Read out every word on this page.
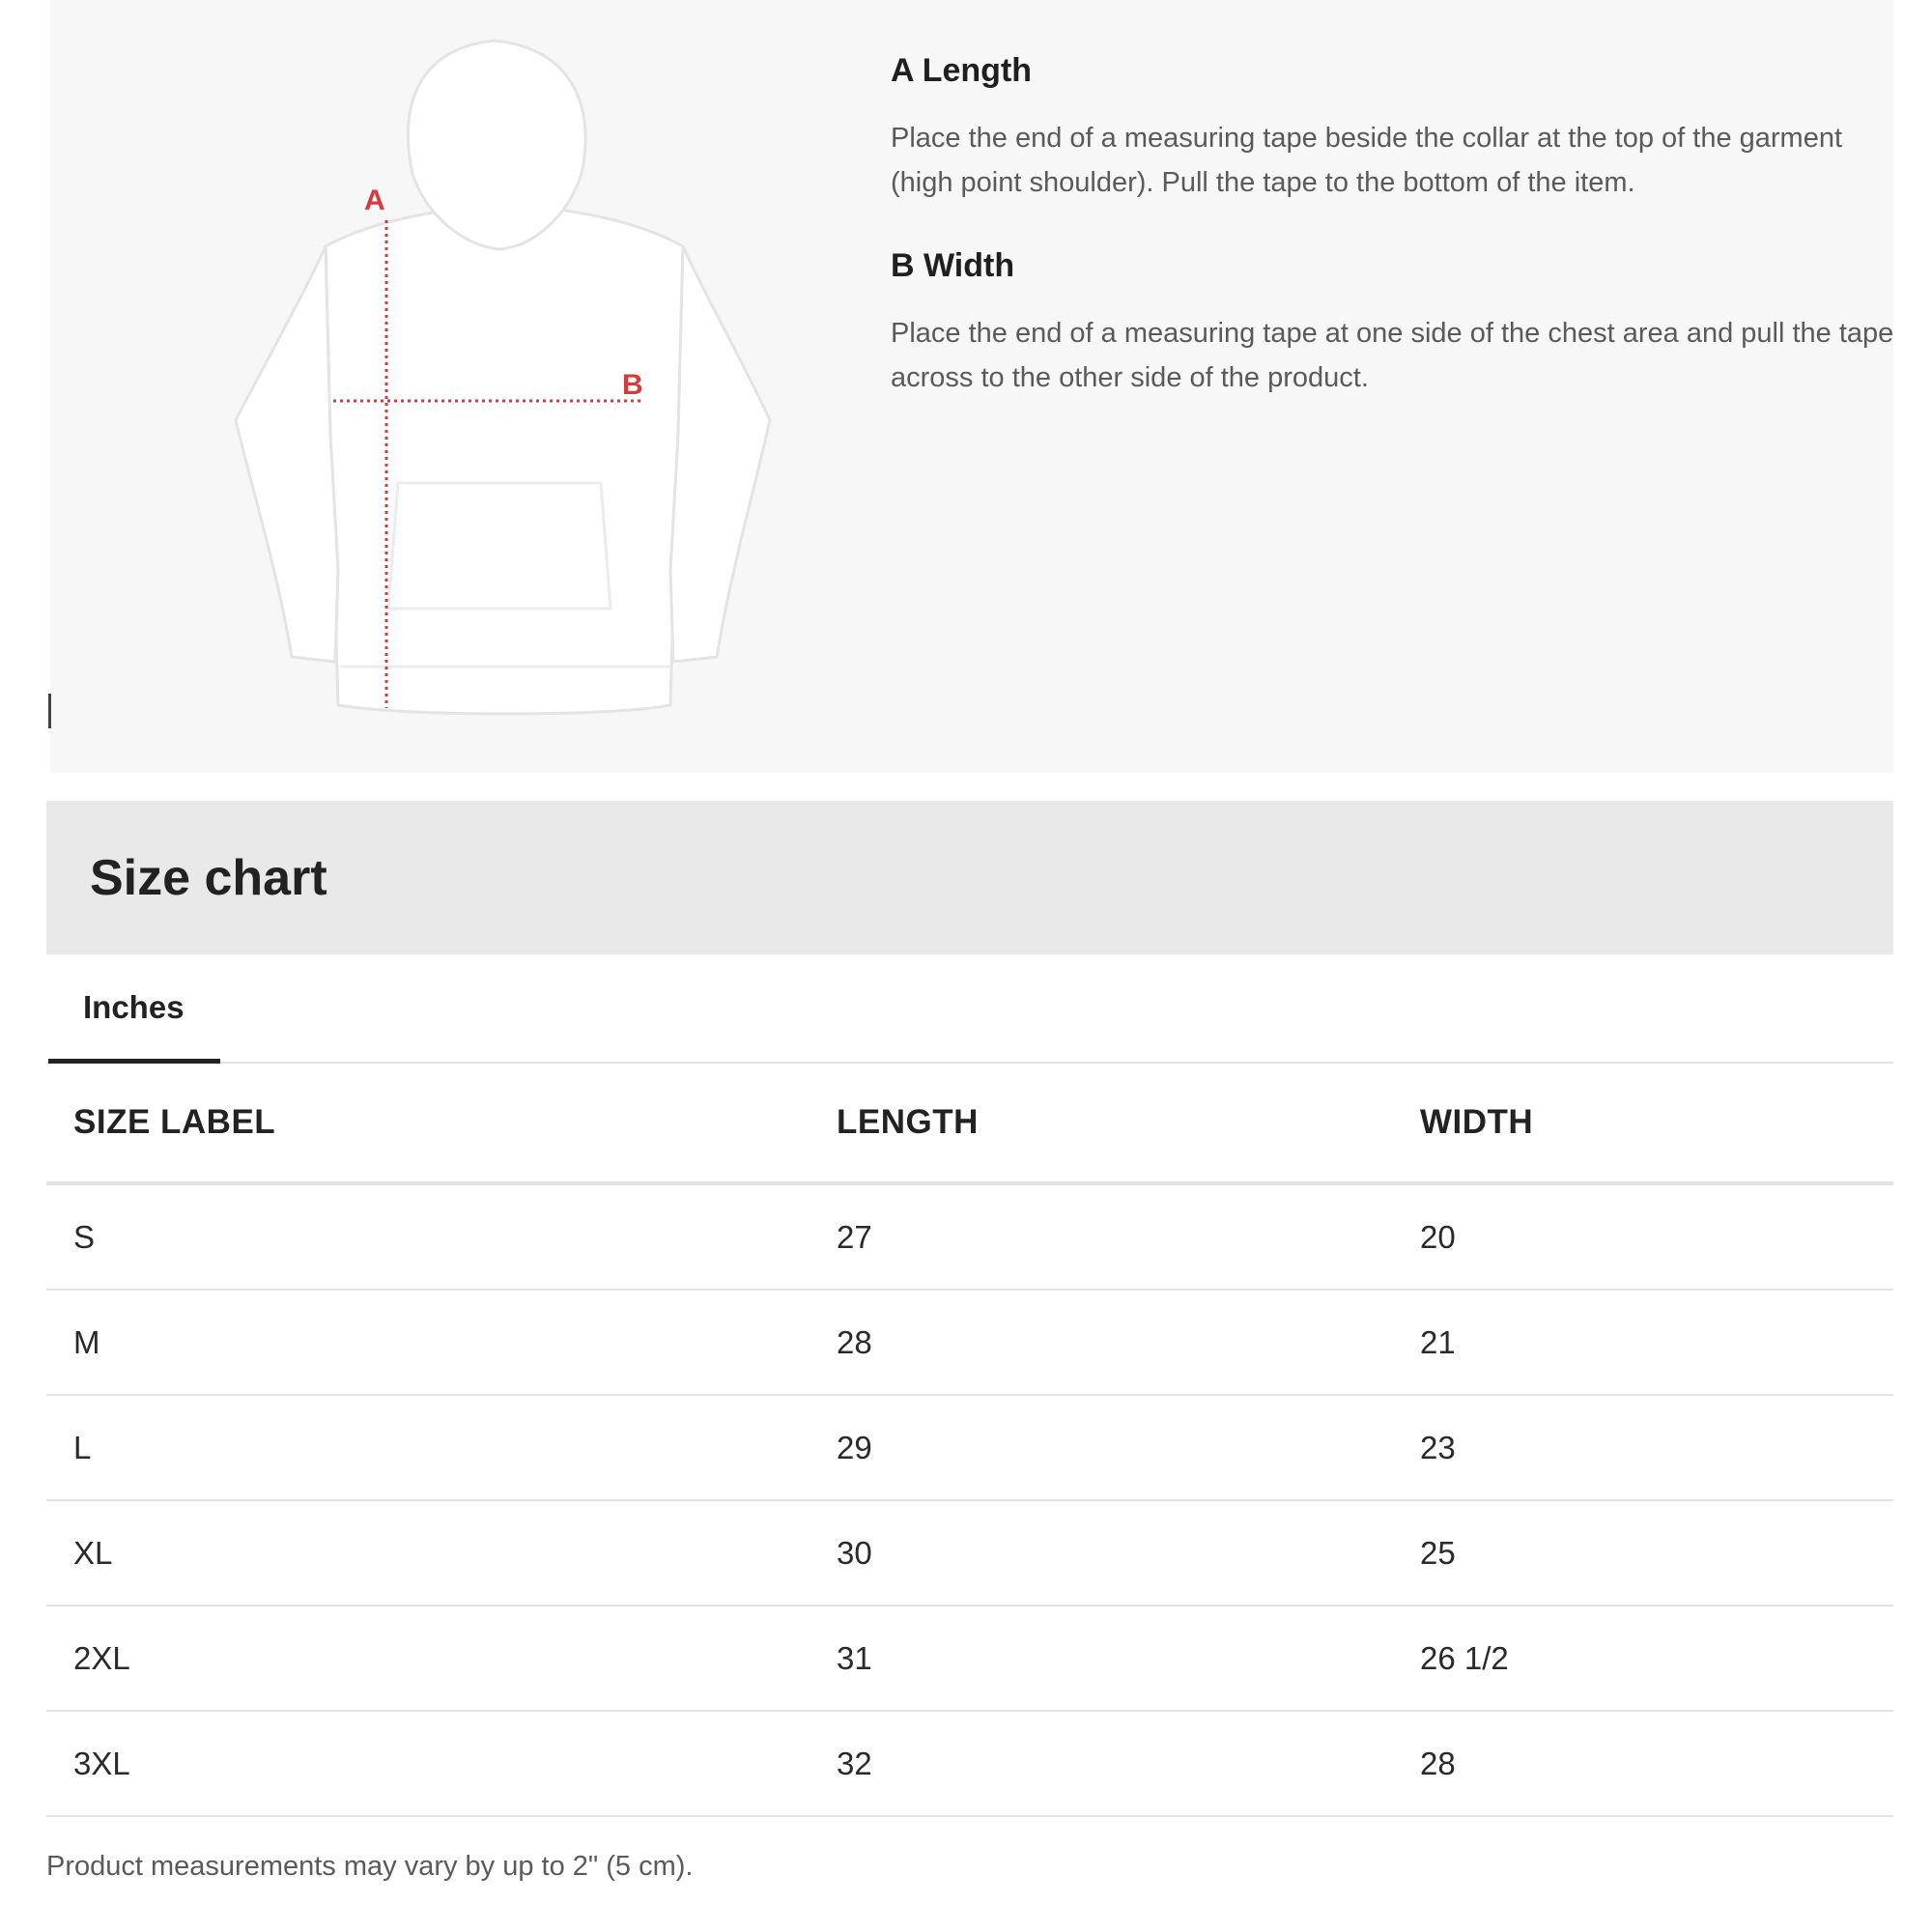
A
B
A Length
Place the end of a measuring tape beside the collar at the top of the garment (high point shoulder). Pull the tape to the bottom of the item.
B Width
Place the end of a measuring tape at one side of the chest area and pull the tape across to the other side of the product.
Size chart
Inches
SIZE LABEL	LENGTH	WIDTH
S	27	20
M	28	21
L	29	23
XL	30	25
2XL	31	26 1/2
3XL	32	28
Product measurements may vary by up to 2" (5 cm).
